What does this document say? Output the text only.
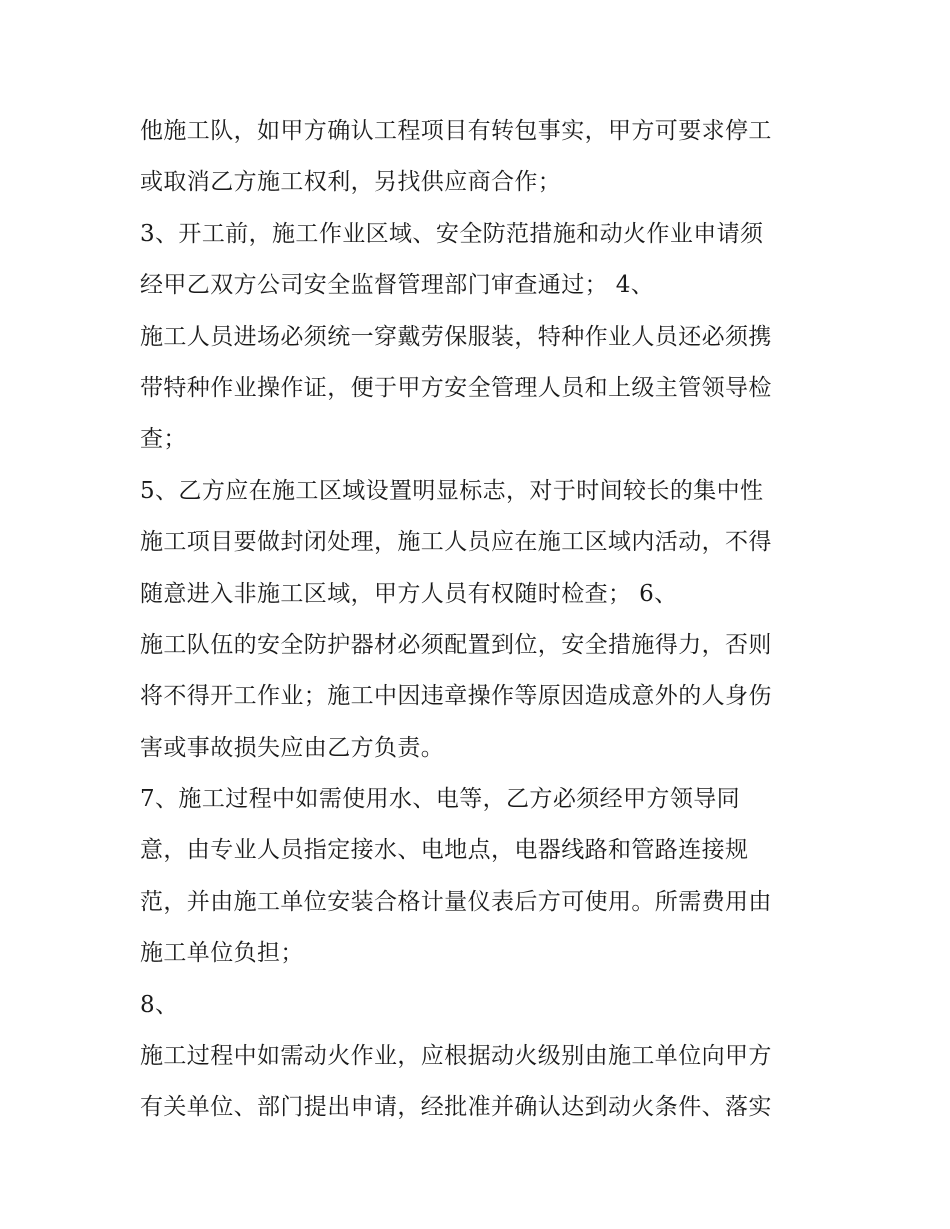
他施工队，如甲方确认工程项目有转包事实，甲方可要求停工
或取消乙方施工权利，另找供应商合作；
3、开工前，施工作业区域、安全防范措施和动火作业申请须
经甲乙双方公司安全监督管理部门审查通过； 4、
施工人员进场必须统一穿戴劳保服装，特种作业人员还必须携
带特种作业操作证，便于甲方安全管理人员和上级主管领导检
查；
5、乙方应在施工区域设置明显标志，对于时间较长的集中性
施工项目要做封闭处理，施工人员应在施工区域内活动，不得
随意进入非施工区域，甲方人员有权随时检查； 6、
施工队伍的安全防护器材必须配置到位，安全措施得力，否则
将不得开工作业；施工中因违章操作等原因造成意外的人身伤
害或事故损失应由乙方负责。
7、施工过程中如需使用水、电等，乙方必须经甲方领导同
意，由专业人员指定接水、电地点，电器线路和管路连接规
范，并由施工单位安装合格计量仪表后方可使用。所需费用由
施工单位负担；
8、
施工过程中如需动火作业，应根据动火级别由施工单位向甲方
有关单位、部门提出申请，经批准并确认达到动火条件、落实
